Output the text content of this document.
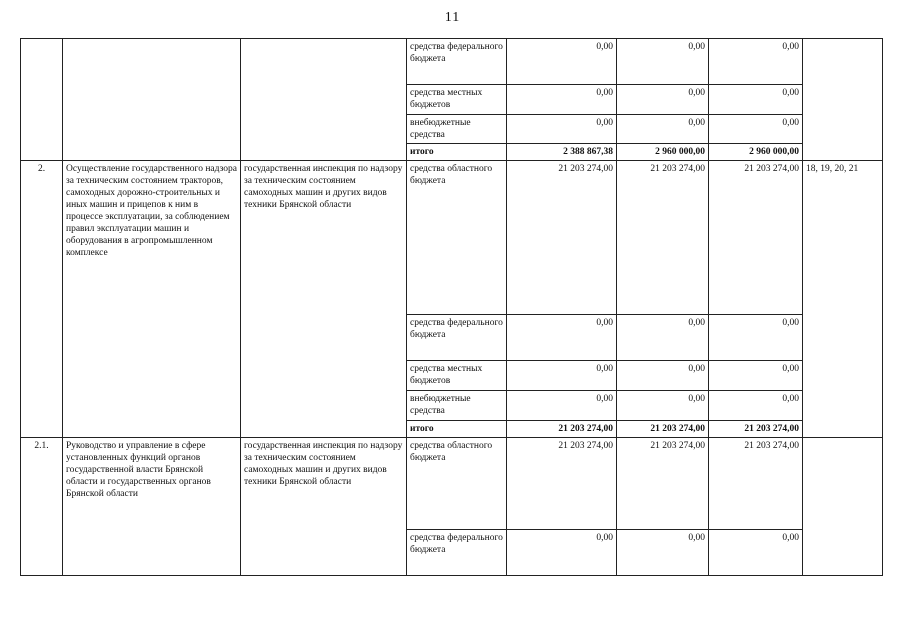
11
			средства федерального бюджета	0,00	0,00	0,00	
			средства местных бюджетов	0,00	0,00	0,00	
			внебюджетные средства	0,00	0,00	0,00	
			итого	2 388 867,38	2 960 000,00	2 960 000,00	
2.	Осуществление государственного надзора за техническим состоянием тракторов, самоходных дорожно-строительных и иных машин и прицепов к ним в процессе эксплуатации, за соблюдением правил эксплуатации машин и оборудования в агропромышленном комплексе	государственная инспекция по надзору за техническим состоянием самоходных машин и других видов техники Брянской области	средства областного бюджета	21 203 274,00	21 203 274,00	21 203 274,00	18, 19, 20, 21
			средства федерального бюджета	0,00	0,00	0,00	
			средства местных бюджетов	0,00	0,00	0,00	
			внебюджетные средства	0,00	0,00	0,00	
			итого	21 203 274,00	21 203 274,00	21 203 274,00	
2.1.	Руководство и управление в сфере установленных функций органов государственной власти Брянской области и государственных органов Брянской области	государственная инспекция по надзору за техническим состоянием самоходных машин и других видов техники Брянской области	средства областного бюджета	21 203 274,00	21 203 274,00	21 203 274,00	
			средства федерального бюджета	0,00	0,00	0,00	
